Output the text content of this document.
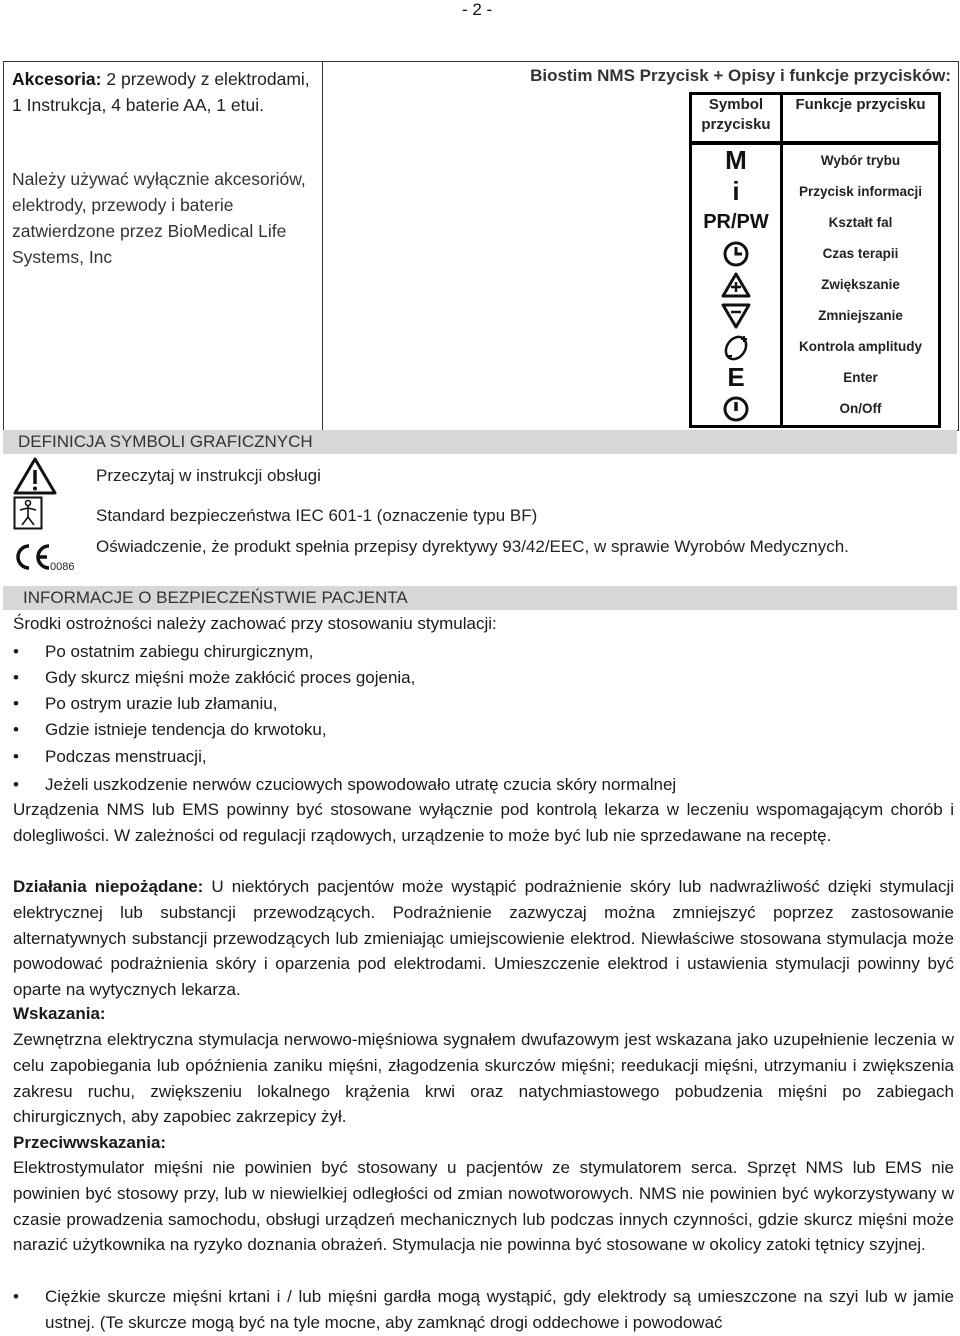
- 2 -
Akcesoria: 2 przewody z elektrodami, 1 Instrukcja, 4 baterie AA, 1 etui.
Należy używać wyłącznie akcesoriów, elektrody, przewody i baterie zatwierdzone przez BioMedical Life Systems, Inc
Biostim NMS Przycisk + Opisy i funkcje przycisków:
Symbol przycisku
Funkcje przycisku
M
i
PR/PW
E
Wybór trybu
Przycisk informacji
Kształt fal
Czas terapii
Zwiększanie
Zmniejszanie
Kontrola amplitudy
Enter
On/Off
DEFINICJA SYMBOLI GRAFICZNYCH
Przeczytaj w instrukcji obsługi
Standard bezpieczeństwa IEC 601-1 (oznaczenie typu BF)
0086
Oświadczenie, że produkt spełnia przepisy dyrektywy 93/42/EEC, w sprawie Wyrobów Medycznych.
INFORMACJE O BEZPIECZEŃSTWIE PACJENTA
Środki ostrożności należy zachować przy stosowaniu stymulacji:
• Po ostatnim zabiegu chirurgicznym,
• Gdy skurcz mięśni może zakłócić proces gojenia,
• Po ostrym urazie lub złamaniu,
• Gdzie istnieje tendencja do krwotoku,
• Podczas menstruacji,
• Jeżeli uszkodzenie nerwów czuciowych spowodowało utratę czucia skóry normalnej
Urządzenia NMS lub EMS powinny być stosowane wyłącznie pod kontrolą lekarza w leczeniu wspomagającym chorób i dolegliwości. W zależności od regulacji rządowych, urządzenie to może być lub nie sprzedawane na receptę.
Działania niepożądane: U niektórych pacjentów może wystąpić podrażnienie skóry lub nadwrażliwość dzięki stymulacji elektrycznej lub substancji przewodzących. Podrażnienie zazwyczaj można zmniejszyć poprzez zastosowanie alternatywnych substancji przewodzących lub zmieniając umiejscowienie elektrod. Niewłaściwe stosowana stymulacja może powodować podrażnienia skóry i oparzenia pod elektrodami. Umieszczenie elektrod i ustawienia stymulacji powinny być oparte na wytycznych lekarza.
Wskazania:
Zewnętrzna elektryczna stymulacja nerwowo-mięśniowa sygnałem dwufazowym jest wskazana jako uzupełnienie leczenia w celu zapobiegania lub opóźnienia zaniku mięśni, złagodzenia skurczów mięśni; reedukacji mięśni, utrzymaniu i zwiększenia zakresu ruchu, zwiększeniu lokalnego krążenia krwi oraz natychmiastowego pobudzenia mięśni po zabiegach chirurgicznych, aby zapobiec zakrzepicy żył.
Przeciwwskazania:
Elektrostymulator mięśni nie powinien być stosowany u pacjentów ze stymulatorem serca. Sprzęt NMS lub EMS nie powinien być stosowy przy, lub w niewielkiej odległości od zmian nowotworowych. NMS nie powinien być wykorzystywany w czasie prowadzenia samochodu, obsługi urządzeń mechanicznych lub podczas innych czynności, gdzie skurcz mięśni może narazić użytkownika na ryzyko doznania obrażeń. Stymulacja nie powinna być stosowane w okolicy zatoki tętnicy szyjnej.
• Ciężkie skurcze mięśni krtani i / lub mięśni gardła mogą wystąpić, gdy elektrody są umieszczone na szyi lub w jamie ustnej. (Te skurcze mogą być na tyle mocne, aby zamknąć drogi oddechowe i powodować
